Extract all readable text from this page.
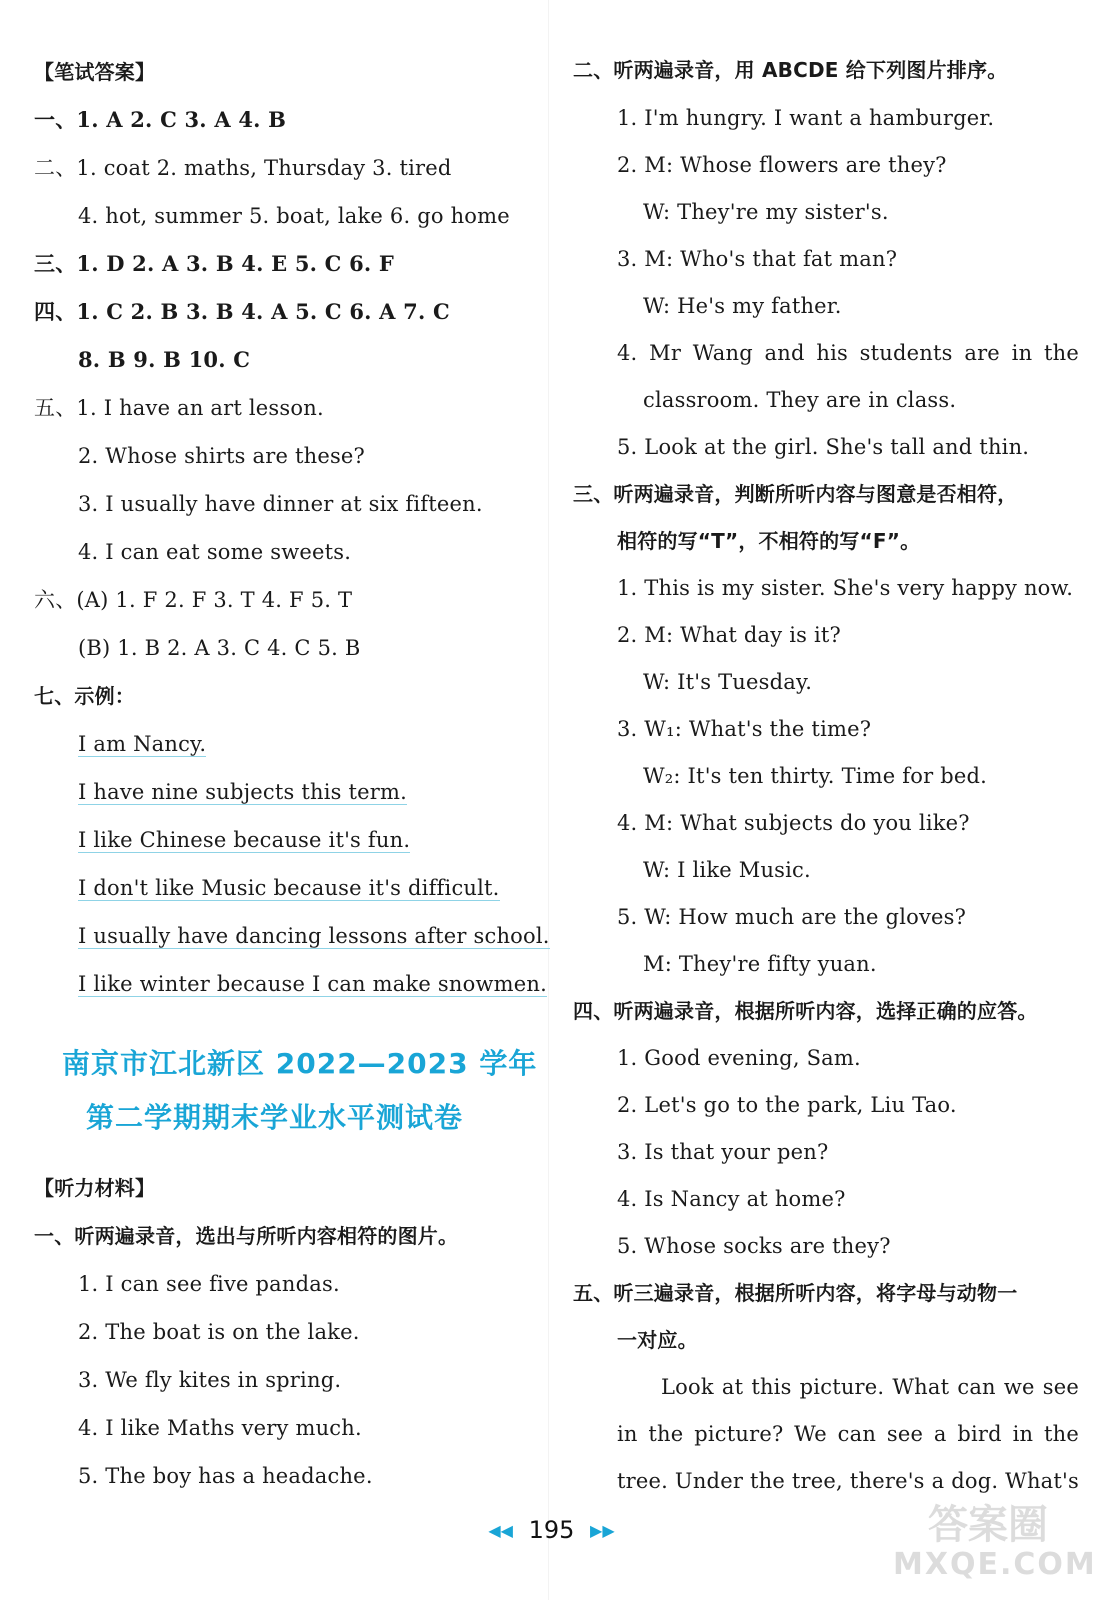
【笔试答案】
一、1. A 2. C 3. A 4. B
二、1. coat 2. maths, Thursday 3. tired
4. hot, summer 5. boat, lake 6. go home
三、1. D 2. A 3. B 4. E 5. C 6. F
四、1. C 2. B 3. B 4. A 5. C 6. A 7. C
8. B 9. B 10. C
五、1. I have an art lesson.
2. Whose shirts are these?
3. I usually have dinner at six fifteen.
4. I can eat some sweets.
六、(A) 1. F 2. F 3. T 4. F 5. T
(B) 1. B 2. A 3. C 4. C 5. B
七、示例：
I am Nancy.
I have nine subjects this term.
I like Chinese because it's fun.
I don't like Music because it's difficult.
I usually have dancing lessons after school.
I like winter because I can make snowmen.
南京市江北新区 2022—2023 学年
第二学期期末学业水平测试卷
【听力材料】
一、听两遍录音，选出与所听内容相符的图片。
1. I can see five pandas.
2. The boat is on the lake.
3. We fly kites in spring.
4. I like Maths very much.
5. The boy has a headache.
二、听两遍录音，用 ABCDE 给下列图片排序。
1. I'm hungry. I want a hamburger.
2. M: Whose flowers are they?
W: They're my sister's.
3. M: Who's that fat man?
W: He's my father.
4. Mr Wang and his students are in the
classroom. They are in class.
5. Look at the girl. She's tall and thin.
三、听两遍录音，判断所听内容与图意是否相符，
相符的写“T”，不相符的写“F”。
1. This is my sister. She's very happy now.
2. M: What day is it?
W: It's Tuesday.
3. W₁: What's the time?
W₂: It's ten thirty. Time for bed.
4. M: What subjects do you like?
W: I like Music.
5. W: How much are the gloves?
M: They're fifty yuan.
四、听两遍录音，根据所听内容，选择正确的应答。
1. Good evening, Sam.
2. Let's go to the park, Liu Tao.
3. Is that your pen?
4. Is Nancy at home?
5. Whose socks are they?
五、听三遍录音，根据所听内容，将字母与动物一
一对应。
Look at this picture. What can we see
in the picture? We can see a bird in the
tree. Under the tree, there's a dog. What's
◀◀ 195 ▶▶	答案圈
MXQE.COM
